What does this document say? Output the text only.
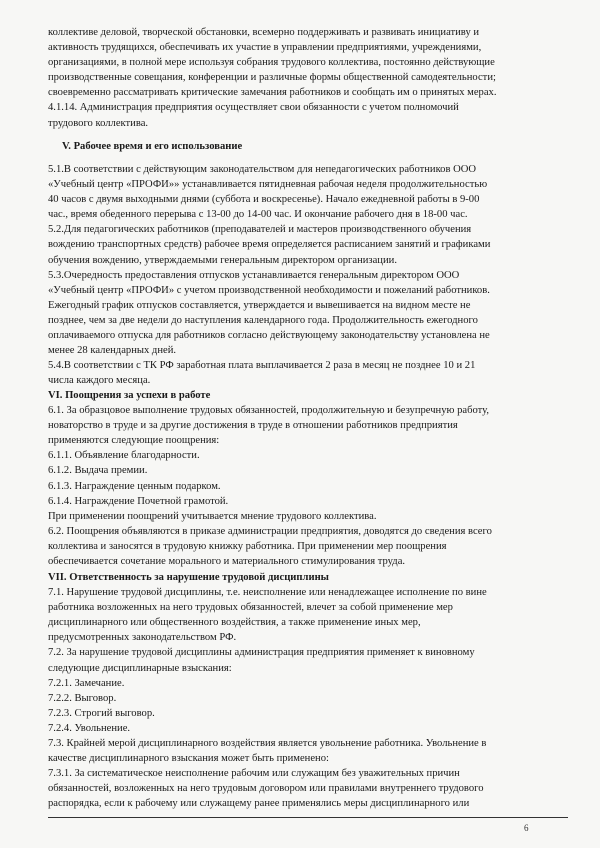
коллективе деловой, творческой обстановки, всемерно поддерживать и развивать инициативу и
активность трудящихся, обеспечивать их участие в управлении предприятиями, учреждениями,
организациями, в полной мере используя собрания трудового коллектива, постоянно действующие
производственные совещания, конференции и различные формы общественной самодеятельности;
своевременно рассматривать критические замечания работников и сообщать им о принятых мерах.
4.1.14. Администрация предприятия осуществляет свои обязанности с учетом полномочий
трудового коллектива.
V. Рабочее время и его использование
5.1.В соответствии с действующим законодательством для непедагогических работников ООО
«Учебный центр «ПРОФИ»» устанавливается пятидневная рабочая неделя продолжительностью
40 часов с двумя выходными днями (суббота и воскресенье). Начало ежедневной работы в 9-00
час., время обеденного перерыва с 13-00 до 14-00 час. И окончание рабочего дня в 18-00 час.
5.2.Для педагогических работников (преподавателей и мастеров производственного обучения
вождению транспортных средств) рабочее время определяется расписанием занятий и графиками
обучения вождению, утверждаемыми генеральным директором организации.
5.3.Очередность предоставления отпусков устанавливается генеральным директором ООО
«Учебный центр «ПРОФИ» с учетом производственной необходимости и пожеланий работников.
Ежегодный график отпусков составляется, утверждается и вывешивается на видном месте не
позднее, чем за две недели до наступления календарного года. Продолжительность ежегодного
оплачиваемого отпуска для работников согласно действующему законодательству установлена не
менее 28 календарных дней.
5.4.В соответствии с ТК РФ заработная плата выплачивается 2 раза в месяц не позднее 10 и 21
числа каждого месяца.
VI. Поощрения за успехи в работе
6.1. За образцовое выполнение трудовых обязанностей, продолжительную и безупречную работу,
новаторство в труде и за другие достижения в труде в отношении работников предприятия
применяются следующие поощрения:
6.1.1. Объявление благодарности.
6.1.2. Выдача премии.
6.1.3. Награждение ценным подарком.
6.1.4. Награждение Почетной грамотой.
При применении поощрений учитывается мнение трудового коллектива.
6.2. Поощрения объявляются в приказе администрации предприятия, доводятся до сведения всего
коллектива и заносятся в трудовую книжку работника. При применении мер поощрения
обеспечивается сочетание морального и материального стимулирования труда.
VII. Ответственность за нарушение трудовой дисциплины
7.1. Нарушение трудовой дисциплины, т.е. неисполнение или ненадлежащее исполнение по вине
работника возложенных на него трудовых обязанностей, влечет за собой применение мер
дисциплинарного или общественного воздействия, а также применение иных мер,
предусмотренных законодательством РФ.
7.2. За нарушение трудовой дисциплины администрация предприятия применяет к виновному
следующие дисциплинарные взыскания:
7.2.1. Замечание.
7.2.2. Выговор.
7.2.3. Строгий выговор.
7.2.4. Увольнение.
7.3. Крайней мерой дисциплинарного воздействия является увольнение работника. Увольнение в
качестве дисциплинарного взыскания может быть применено:
7.3.1. За систематическое неисполнение рабочим или служащим без уважительных причин
обязанностей, возложенных на него трудовым договором или правилами внутреннего трудового
распорядка, если к рабочему или служащему ранее применялись меры дисциплинарного или
6
